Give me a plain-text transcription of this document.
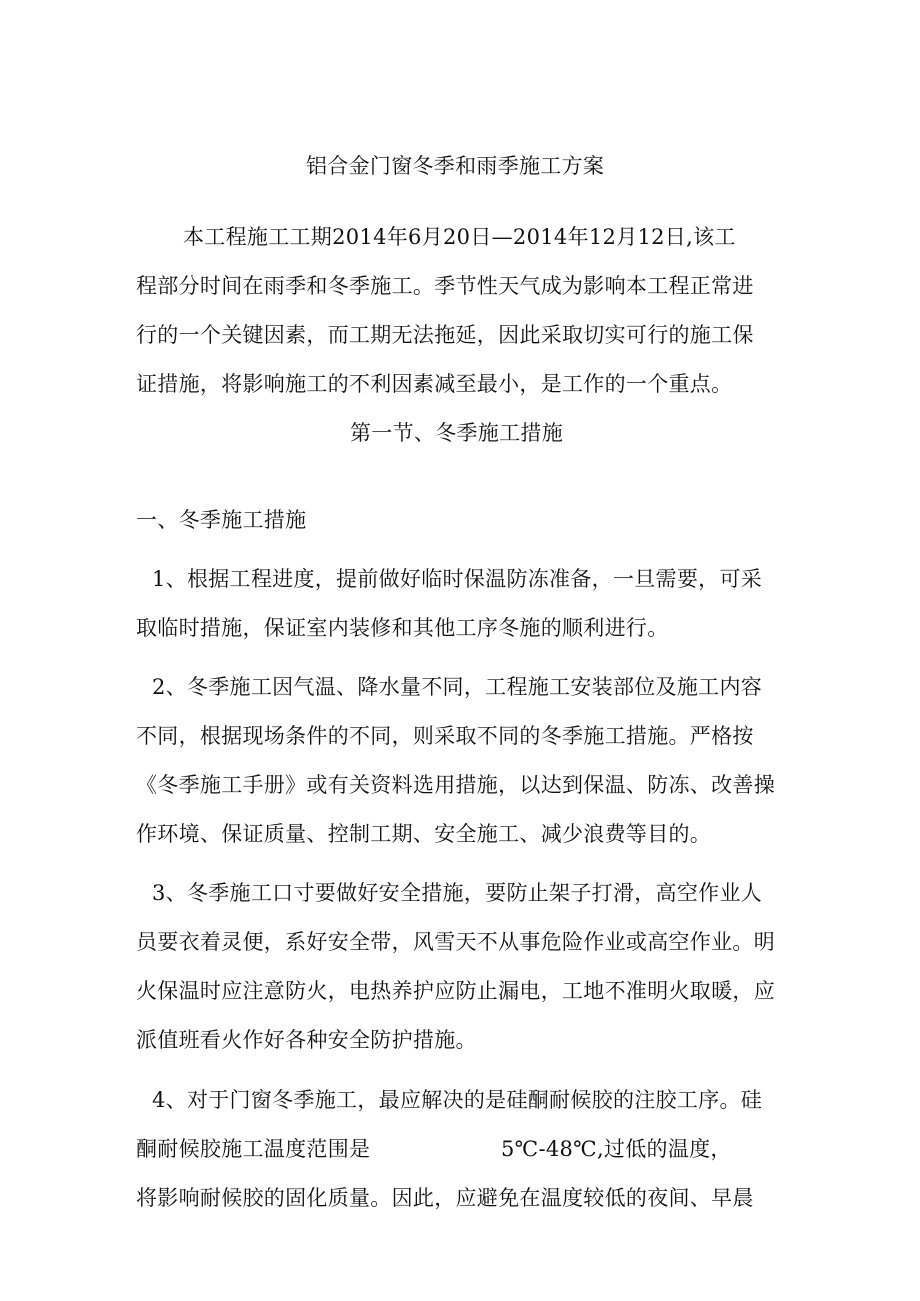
铝合金门窗冬季和雨季施工方案
本工程施工工期2014年6月20日—2014年12月12日,该工
程部分时间在雨季和冬季施工。季节性天气成为影响本工程正常进
行的一个关键因素，而工期无法拖延，因此采取切实可行的施工保
证措施，将影响施工的不利因素减至最小，是工作的一个重点。
第一节、冬季施工措施
一、冬季施工措施
1、根据工程进度，提前做好临时保温防冻准备，一旦需要，可采
取临时措施，保证室内装修和其他工序冬施的顺利进行。
2、冬季施工因气温、降水量不同，工程施工安装部位及施工内容
不同，根据现场条件的不同，则采取不同的冬季施工措施。严格按
《冬季施工手册》或有关资料选用措施，以达到保温、防冻、改善操
作环境、保证质量、控制工期、安全施工、减少浪费等目的。
3、冬季施工口寸要做好安全措施，要防止架子打滑，高空作业人
员要衣着灵便，系好安全带，风雪天不从事危险作业或高空作业。明
火保温时应注意防火，电热养护应防止漏电，工地不准明火取暖，应
派值班看火作好各种安全防护措施。
4、对于门窗冬季施工，最应解决的是硅酮耐候胶的注胶工序。硅
酮耐候胶施工温度范围是	5℃-48℃,过低的温度，
将影响耐候胶的固化质量。因此，应避免在温度较低的夜间、早晨
